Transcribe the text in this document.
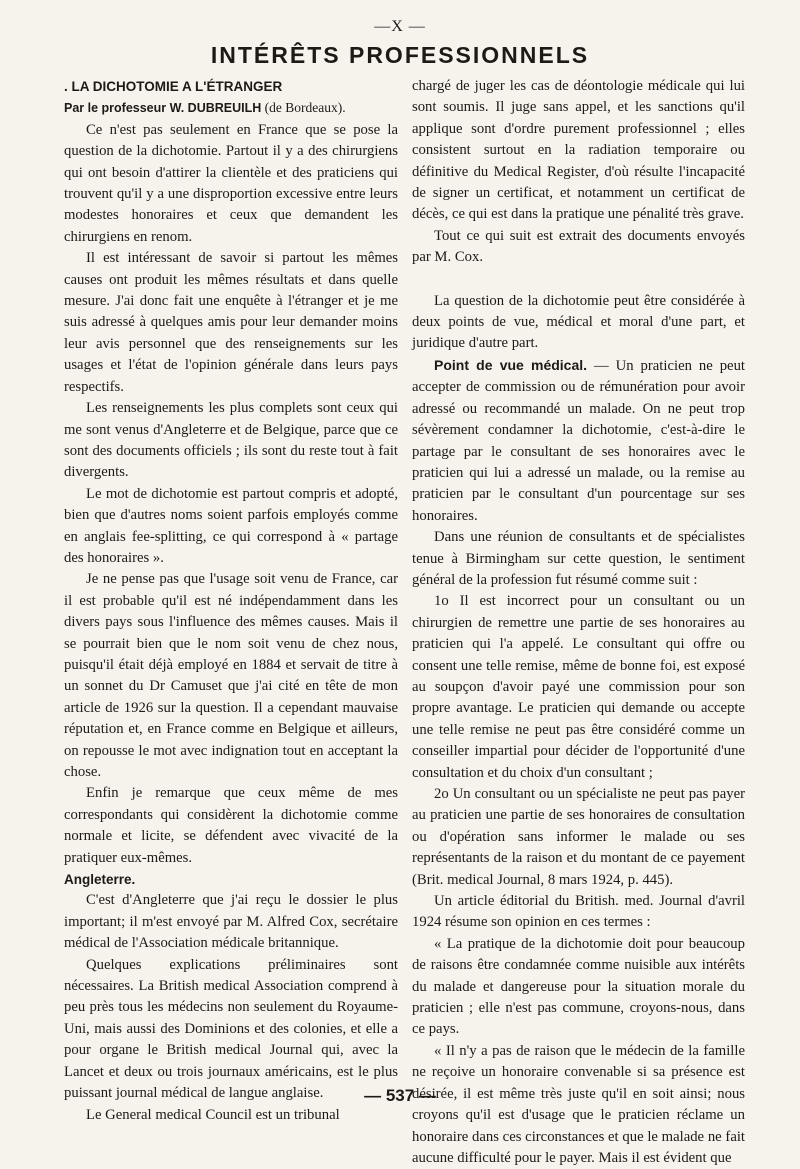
—X —
INTÉRÊTS PROFESSIONNELS

. LA DICHOTOMIE A L'ÉTRANGER

Par le professeur W. DUBREUILH (de Bordeaux).

Ce n'est pas seulement en France que se pose la question de la dichotomie. Partout il y a des chirurgiens qui ont besoin d'attirer la clientèle et des praticiens qui trouvent qu'il y a une disproportion excessive entre leurs modestes honoraires et ceux que demandent les chirurgiens en renom.

Il est intéressant de savoir si partout les mêmes causes ont produit les mêmes résultats et dans quelle mesure. J'ai donc fait une enquête à l'étranger et je me suis adressé à quelques amis pour leur demander moins leur avis personnel que des renseignements sur les usages et l'état de l'opinion générale dans leurs pays respectifs.

Les renseignements les plus complets sont ceux qui me sont venus d'Angleterre et de Belgique, parce que ce sont des documents officiels ; ils sont du reste tout à fait divergents.

Le mot de dichotomie est partout compris et adopté, bien que d'autres noms soient parfois employés comme en anglais fee-splitting, ce qui correspond à « partage des honoraires ».

Je ne pense pas que l'usage soit venu de France, car il est probable qu'il est né indépendamment dans les divers pays sous l'influence des mêmes causes. Mais il se pourrait bien que le nom soit venu de chez nous, puisqu'il était déjà employé en 1884 et servait de titre à un sonnet du Dr Camuset que j'ai cité en tête de mon article de 1926 sur la question. Il a cependant mauvaise réputation et, en France comme en Belgique et ailleurs, on repousse le mot avec indignation tout en acceptant la chose.

Enfin je remarque que ceux même de mes correspondants qui considèrent la dichotomie comme normale et licite, se défendent avec vivacité de la pratiquer eux-mêmes.

Angleterre.

C'est d'Angleterre que j'ai reçu le dossier le plus important; il m'est envoyé par M. Alfred Cox, secrétaire médical de l'Association médicale britannique.

Quelques explications préliminaires sont nécessaires. La British medical Association comprend à peu près tous les médecins non seulement du Royaume-Uni, mais aussi des Dominions et des colonies, et elle a pour organe le British medical Journal qui, avec la Lancet et deux ou trois journaux américains, est le plus puissant journal médical de langue anglaise.

Le General medical Council est un tribunal

chargé de juger les cas de déontologie médicale qui lui sont soumis. Il juge sans appel, et les sanctions qu'il applique sont d'ordre purement professionnel ; elles consistent surtout en la radiation temporaire ou définitive du Medical Register, d'où résulte l'incapacité de signer un certificat, et notamment un certificat de décès, ce qui est dans la pratique une pénalité très grave.

Tout ce qui suit est extrait des documents envoyés par M. Cox.

La question de la dichotomie peut être considérée à deux points de vue, médical et moral d'une part, et juridique d'autre part.

Point de vue médical. — Un praticien ne peut accepter de commission ou de rémunération pour avoir adressé ou recommandé un malade. On ne peut trop sévèrement condamner la dichotomie, c'est-à-dire le partage par le consultant de ses honoraires avec le praticien qui lui a adressé un malade, ou la remise au praticien par le consultant d'un pourcentage sur ses honoraires.

Dans une réunion de consultants et de spécialistes tenue à Birmingham sur cette question, le sentiment général de la profession fut résumé comme suit :

1o Il est incorrect pour un consultant ou un chirurgien de remettre une partie de ses honoraires au praticien qui l'a appelé. Le consultant qui offre ou consent une telle remise, même de bonne foi, est exposé au soupçon d'avoir payé une commission pour son propre avantage. Le praticien qui demande ou accepte une telle remise ne peut pas être considéré comme un conseiller impartial pour décider de l'opportunité d'une consultation et du choix d'un consultant ;

2o Un consultant ou un spécialiste ne peut pas payer au praticien une partie de ses honoraires de consultation ou d'opération sans informer le malade ou ses représentants de la raison et du montant de ce payement (Brit. medical Journal, 8 mars 1924, p. 445).

Un article éditorial du British. med. Journal d'avril 1924 résume son opinion en ces termes :

« La pratique de la dichotomie doit pour beaucoup de raisons être condamnée comme nuisible aux intérêts du malade et dangereuse pour la situation morale du praticien ; elle n'est pas commune, croyons-nous, dans ce pays.

« Il n'y a pas de raison que le médecin de la famille ne reçoive un honoraire convenable si sa présence est désirée, il est même très juste qu'il en soit ainsi; nous croyons qu'il est d'usage que le praticien réclame un honoraire dans ces circonstances et que le malade ne fait aucune difficulté pour le payer. Mais il est évident que

— 537 —
